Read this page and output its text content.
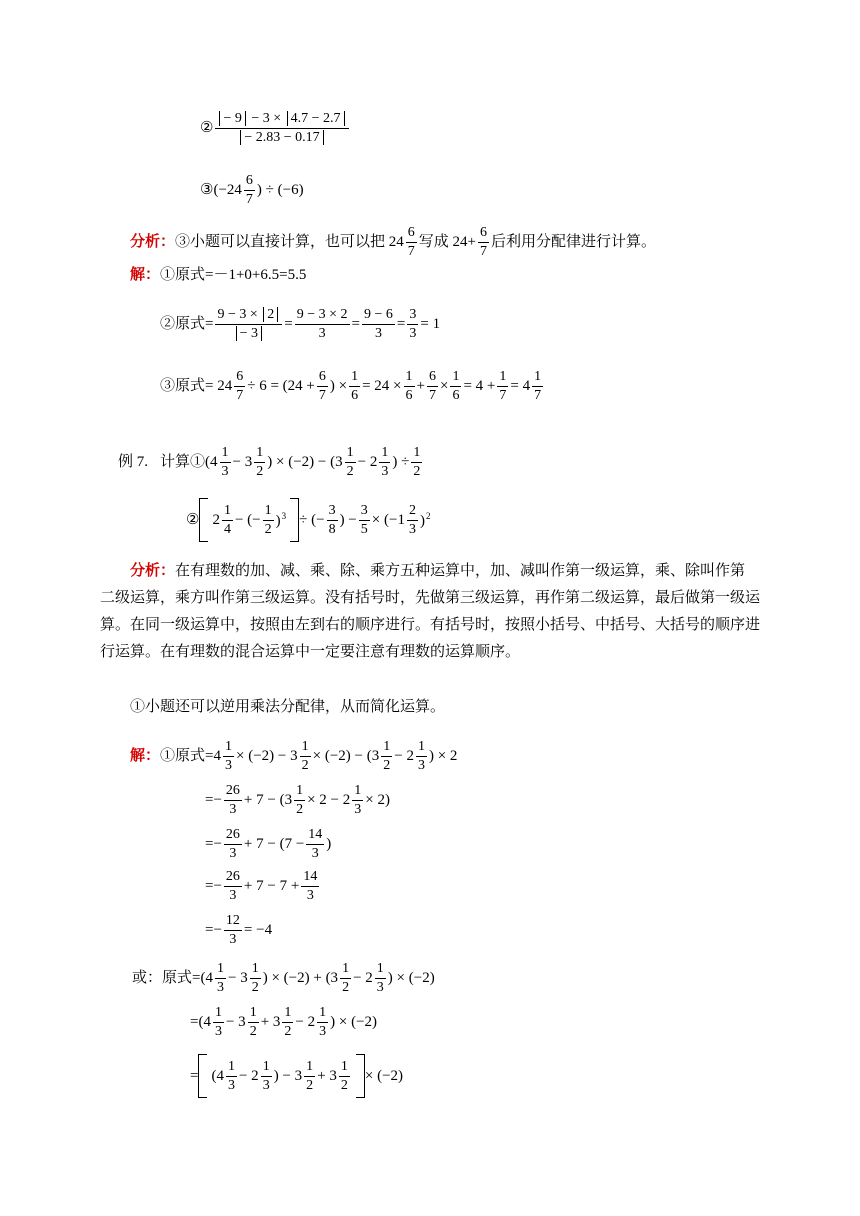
② $\frac{- 9 - 3 \times 4.7 - 2.7}{- 2.83 - 0.17}$
③ (−24
6
7
) ÷ (−6)
分析： ③小题可以直接计算，也可以把 24
6
7
写成 $24+ \frac{6}{7}$ 后利用分配律进行计算。
解： ①原式=－1+0+6.5=5.5
②原式= $\frac{9 - 3 \times 2}{- 3} = \frac{9 - 3 \times 2}{3} = \frac{9 - 6}{3} = \frac{3}{3} = 1$
③原式= $24 \frac{6}{7} \div 6 = (24 + \frac{6}{7}$ ) × $\frac{1}{6} = 24 \times \frac{1}{6} + \frac{6}{7} \times \frac{1}{6} = 4 + \frac{1}{7} = 4$
1
7
例 7. 计算① (4
1
3
− 3
1
2
) × (−2) − (3
1
2
− 2
1
3
) ÷ $\frac{1}{2}$
② 2
1
4
− (− $\frac{1}{2} )^3$ ÷ (− $\frac{3}{8}$ ) − $\frac{3}{5} \times (-1$
2
3
)$^2$
分析：在有理数的加、减、乘、除、乘方五种运算中，加、减叫作第一级运算，乘、除叫作第二级运算，乘方叫作第三级运算。没有括号时，先做第三级运算，再作第二级运算，最后做第一级运算。在同一级运算中，按照由左到右的顺序进行。有括号时，按照小括号、中括号、大括号的顺序进行运算。在有理数的混合运算中一定要注意有理数的运算顺序。
①小题还可以逆用乘法分配律，从而简化运算。
解： ①原式$=4 \frac{1}{3} \times (-2) - 3 \frac{1}{2} \times (-2) - (3$
1
2
− 2
1
3
) × 2
=− $\frac{26}{3} + 7 - (3 \frac{1}{2} \times 2 - 2 \frac{1}{3} \times 2)$
=− $\frac{26}{3} + 7 - (7 - \frac{14}{3}$ )
=− $\frac{26}{3} + 7 - 7 + \frac{14}{3}$
=− $\frac{12}{3} = -4$
或： 原式=(4
1
3
− 3
1
2
) × (−2) + (3
1
2
− 2
1
3
) × (−2)
=(4
1
3
− 3
1
2
+ 3
1
2
− 2
1
3
) × (−2)
= (4
1
3
− 2
1
3
) − 3
1
2
+ 3
1
2
× (−2)
